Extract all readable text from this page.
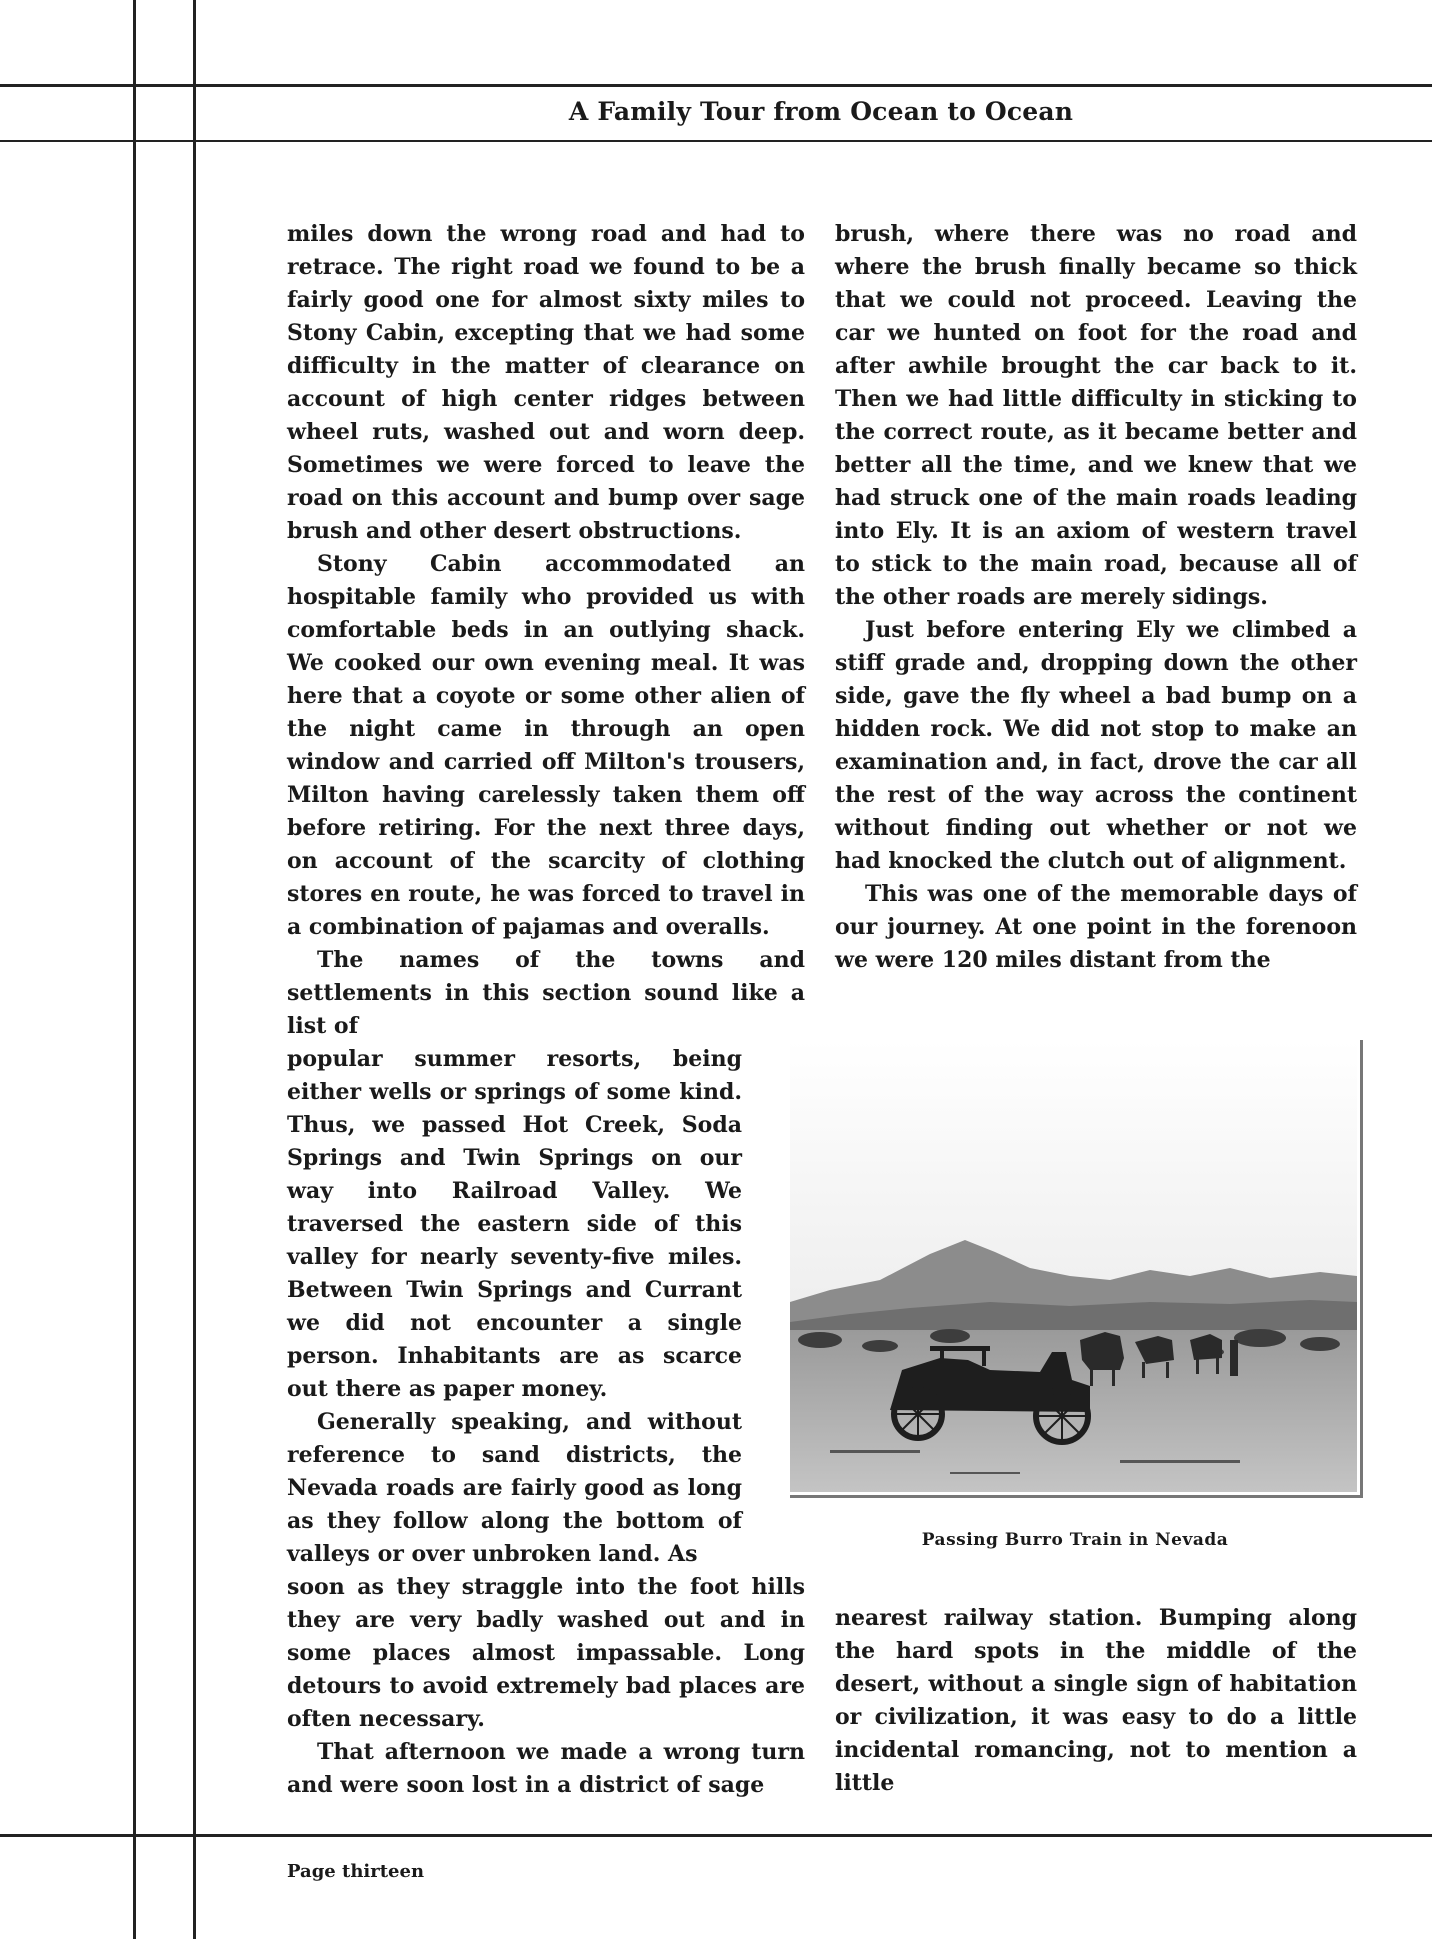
A Family Tour from Ocean to Ocean

miles down the wrong road and had to retrace. The right road we found to be a fairly good one for almost sixty miles to Stony Cabin, excepting that we had some difficulty in the matter of clearance on account of high center ridges between wheel ruts, washed out and worn deep. Sometimes we were forced to leave the road on this account and bump over sage brush and other desert obstructions.

Stony Cabin accommodated an hospitable family who provided us with comfortable beds in an outlying shack. We cooked our own evening meal. It was here that a coyote or some other alien of the night came in through an open window and carried off Milton's trousers, Milton having carelessly taken them off before retiring. For the next three days, on account of the scarcity of clothing stores en route, he was forced to travel in a combination of pajamas and overalls.

The names of the towns and settlements in this section sound like a list of

popular summer resorts, being either wells or springs of some kind. Thus, we passed Hot Creek, Soda Springs and Twin Springs on our way into Railroad Valley. We traversed the eastern side of this valley for nearly seventy-five miles. Between Twin Springs and Currant we did not encounter a single person. Inhabitants are as scarce out there as paper money.

Generally speaking, and without reference to sand districts, the Nevada roads are fairly good as long as they follow along the bottom of valleys or over unbroken land. As

soon as they straggle into the foot hills they are very badly washed out and in some places almost impassable. Long detours to avoid extremely bad places are often necessary.

That afternoon we made a wrong turn and were soon lost in a district of sage

brush, where there was no road and where the brush finally became so thick that we could not proceed. Leaving the car we hunted on foot for the road and after awhile brought the car back to it. Then we had little difficulty in sticking to the correct route, as it became better and better all the time, and we knew that we had struck one of the main roads leading into Ely. It is an axiom of western travel to stick to the main road, because all of the other roads are merely sidings.

Just before entering Ely we climbed a stiff grade and, dropping down the other side, gave the fly wheel a bad bump on a hidden rock. We did not stop to make an examination and, in fact, drove the car all the rest of the way across the continent without finding out whether or not we had knocked the clutch out of alignment.

This was one of the memorable days of our journey. At one point in the forenoon we were 120 miles distant from the

Passing Burro Train in Nevada

nearest railway station. Bumping along the hard spots in the middle of the desert, without a single sign of habitation or civilization, it was easy to do a little incidental romancing, not to mention a little

Page thirteen
